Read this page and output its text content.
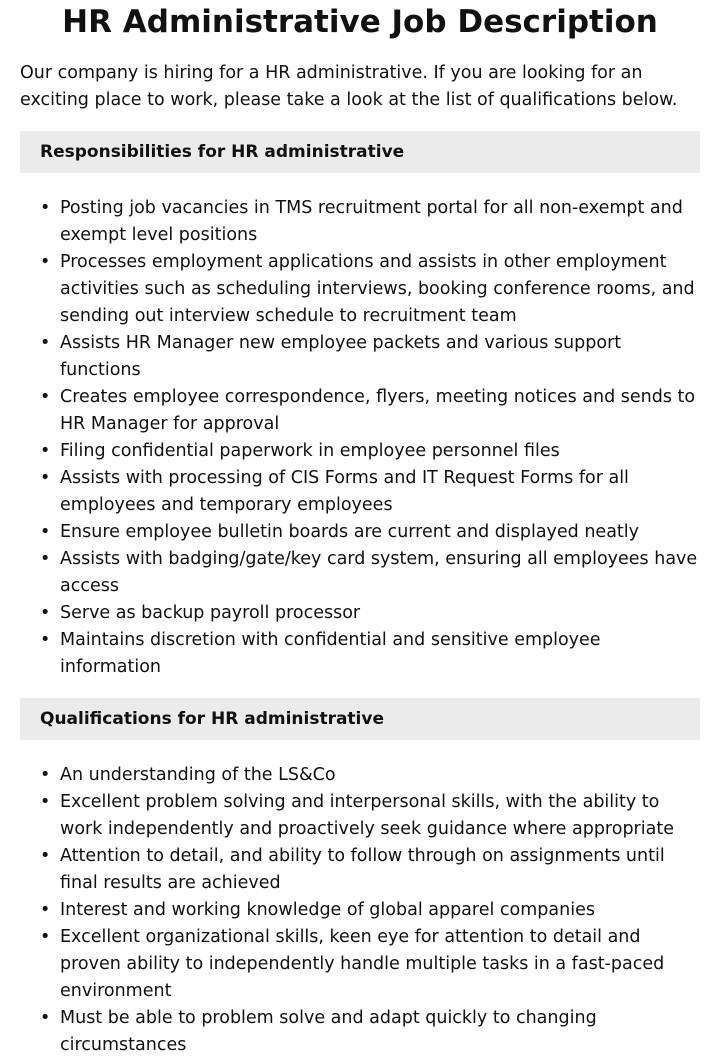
HR Administrative Job Description

Our company is hiring for a HR administrative. If you are looking for an exciting place to work, please take a look at the list of qualifications below.

Responsibilities for HR administrative
• Posting job vacancies in TMS recruitment portal for all non-exempt and exempt level positions
• Processes employment applications and assists in other employment activities such as scheduling interviews, booking conference rooms, and sending out interview schedule to recruitment team
• Assists HR Manager new employee packets and various support functions
• Creates employee correspondence, flyers, meeting notices and sends to HR Manager for approval
• Filing confidential paperwork in employee personnel files
• Assists with processing of CIS Forms and IT Request Forms for all employees and temporary employees
• Ensure employee bulletin boards are current and displayed neatly
• Assists with badging/gate/key card system, ensuring all employees have access
• Serve as backup payroll processor
• Maintains discretion with confidential and sensitive employee information
Qualifications for HR administrative
• An understanding of the LS&Co
• Excellent problem solving and interpersonal skills, with the ability to work independently and proactively seek guidance where appropriate
• Attention to detail, and ability to follow through on assignments until final results are achieved
• Interest and working knowledge of global apparel companies
• Excellent organizational skills, keen eye for attention to detail and proven ability to independently handle multiple tasks in a fast-paced environment
• Must be able to problem solve and adapt quickly to changing circumstances
